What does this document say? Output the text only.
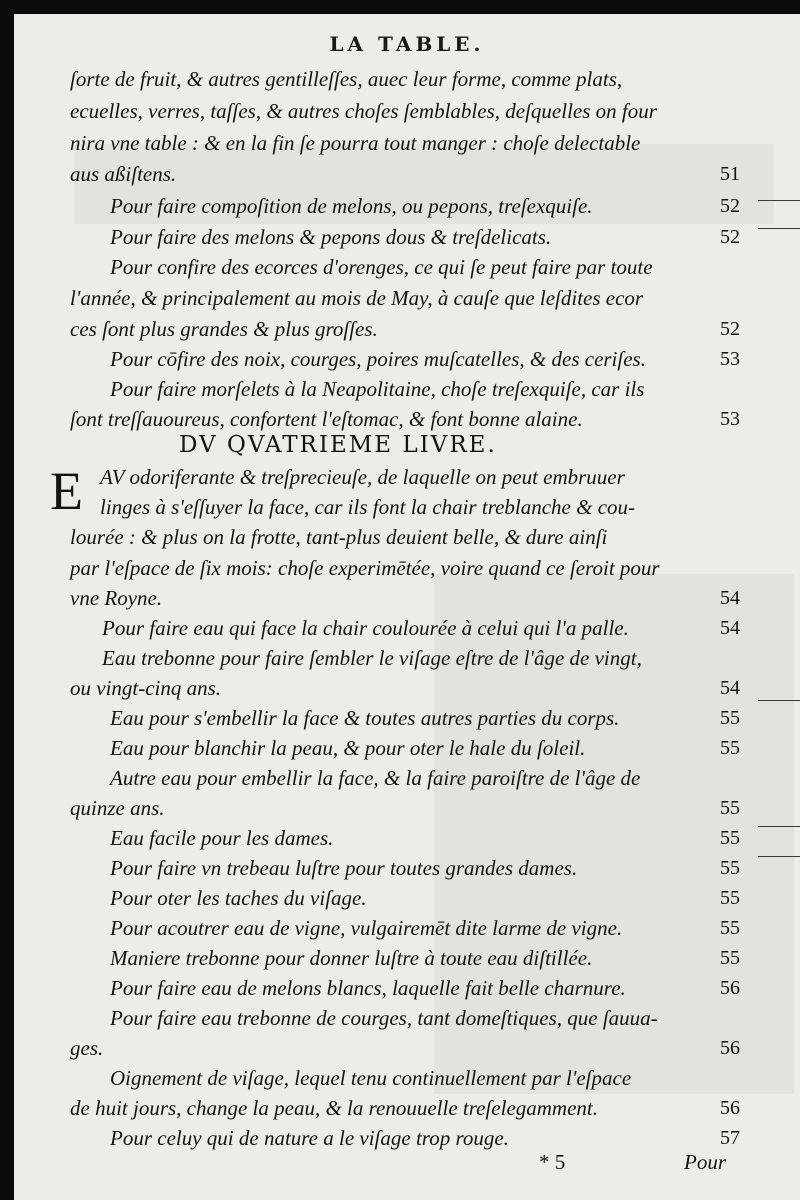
LA TABLE.
ſorte de fruit, & autres gentilleſſes, auec leur forme, comme plats,
ecuelles, verres, taſſes, & autres choſes ſemblables, deſquelles on four
nira vne table : & en la fin ſe pourra tout manger : choſe delectable
aus aßiſtens.	51
Pour faire compoſition de melons, ou pepons, treſexquiſe.	52
Pour faire des melons & pepons dous & treſdelicats.	52
Pour confire des ecorces d'orenges, ce qui ſe peut faire par toute
l'année, & principalement au mois de May, à cauſe que leſdites ecor
ces ſont plus grandes & plus groſſes.	52
Pour cōfire des noix, courges, poires muſcatelles, & des ceriſes.	53
Pour faire morſelets à la Neapolitaine, choſe treſexquiſe, car ils
ſont treſſauoureus, confortent l'eſtomac, & font bonne alaine.	53
DV QVATRIEME LIVRE.
E AV odoriferante & treſprecieuſe, de laquelle on peut embruuer
linges à s'eſſuyer la face, car ils font la chair treblanche & cou-
lourée : & plus on la frotte, tant-plus deuient belle, & dure ainſi
par l'eſpace de ſix mois: choſe experimētée, voire quand ce ſeroit pour
vne Royne.	54
Pour faire eau qui face la chair coulourée à celui qui l'a palle.	54
Eau trebonne pour faire ſembler le viſage eſtre de l'âge de vingt,
ou vingt-cinq ans.	54
Eau pour s'embellir la face & toutes autres parties du corps.	55
Eau pour blanchir la peau, & pour oter le hale du ſoleil.	55
Autre eau pour embellir la face, & la faire paroiſtre de l'âge de
quinze ans.	55
Eau facile pour les dames.	55
Pour faire vn trebeau luſtre pour toutes grandes dames.	55
Pour oter les taches du viſage.	55
Pour acoutrer eau de vigne, vulgairemēt dite larme de vigne.	55
Maniere trebonne pour donner luſtre à toute eau diſtillée.	55
Pour faire eau de melons blancs, laquelle fait belle charnure.	56
Pour faire eau trebonne de courges, tant domeſtiques, que ſauua-
ges.	56
Oignement de viſage, lequel tenu continuellement par l'eſpace
de huit jours, change la peau, & la renouuelle treſelegamment.	56
Pour celuy qui de nature a le viſage trop rouge.	57
* 5	Pour
